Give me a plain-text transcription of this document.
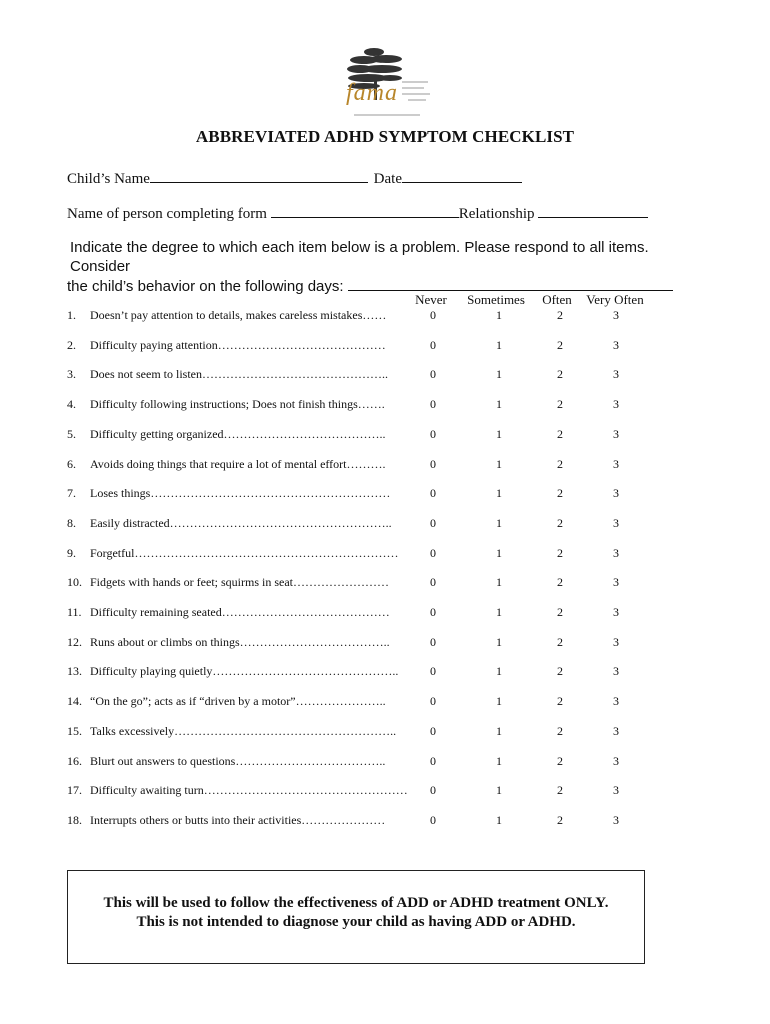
fama
ABBREVIATED ADHD SYMPTOM CHECKLIST
Child’s Name	Date
Name of person completing form	Relationship
Indicate the degree to which each item below is a problem. Please respond to all items. Consider
the child’s behavior on the following days:
Never	Sometimes	Often	Very Often
1. Doesn’t pay attention to details, makes careless mistakes……	0	1	2	3
2. Difficulty paying attention……………………………………	0	1	2	3
3. Does not seem to listen………………………………………..	0	1	2	3
4. Difficulty following instructions; Does not finish things…….	0	1	2	3
5. Difficulty getting organized…………………………………..	0	1	2	3
6. Avoids doing things that require a lot of mental effort……….	0	1	2	3
7. Loses things……………………………………………………	0	1	2	3
8. Easily distracted………………………………………………..	0	1	2	3
9. Forgetful…………………………………………………………	0	1	2	3
10. Fidgets with hands or feet; squirms in seat……………………	0	1	2	3
11. Difficulty remaining seated……………………………………	0	1	2	3
12. Runs about or climbs on things………………………………..	0	1	2	3
13. Difficulty playing quietly………………………………………..	0	1	2	3
14. “On the go”; acts as if “driven by a motor”…………………..	0	1	2	3
15. Talks excessively………………………………………………..	0	1	2	3
16. Blurt out answers to questions………………………………..	0	1	2	3
17. Difficulty awaiting turn……………………………………………	0	1	2	3
18. Interrupts others or butts into their activities…………………	0	1	2	3

This will be used to follow the effectiveness of ADD or ADHD treatment ONLY.

This is not intended to diagnose your child as having ADD or ADHD.
